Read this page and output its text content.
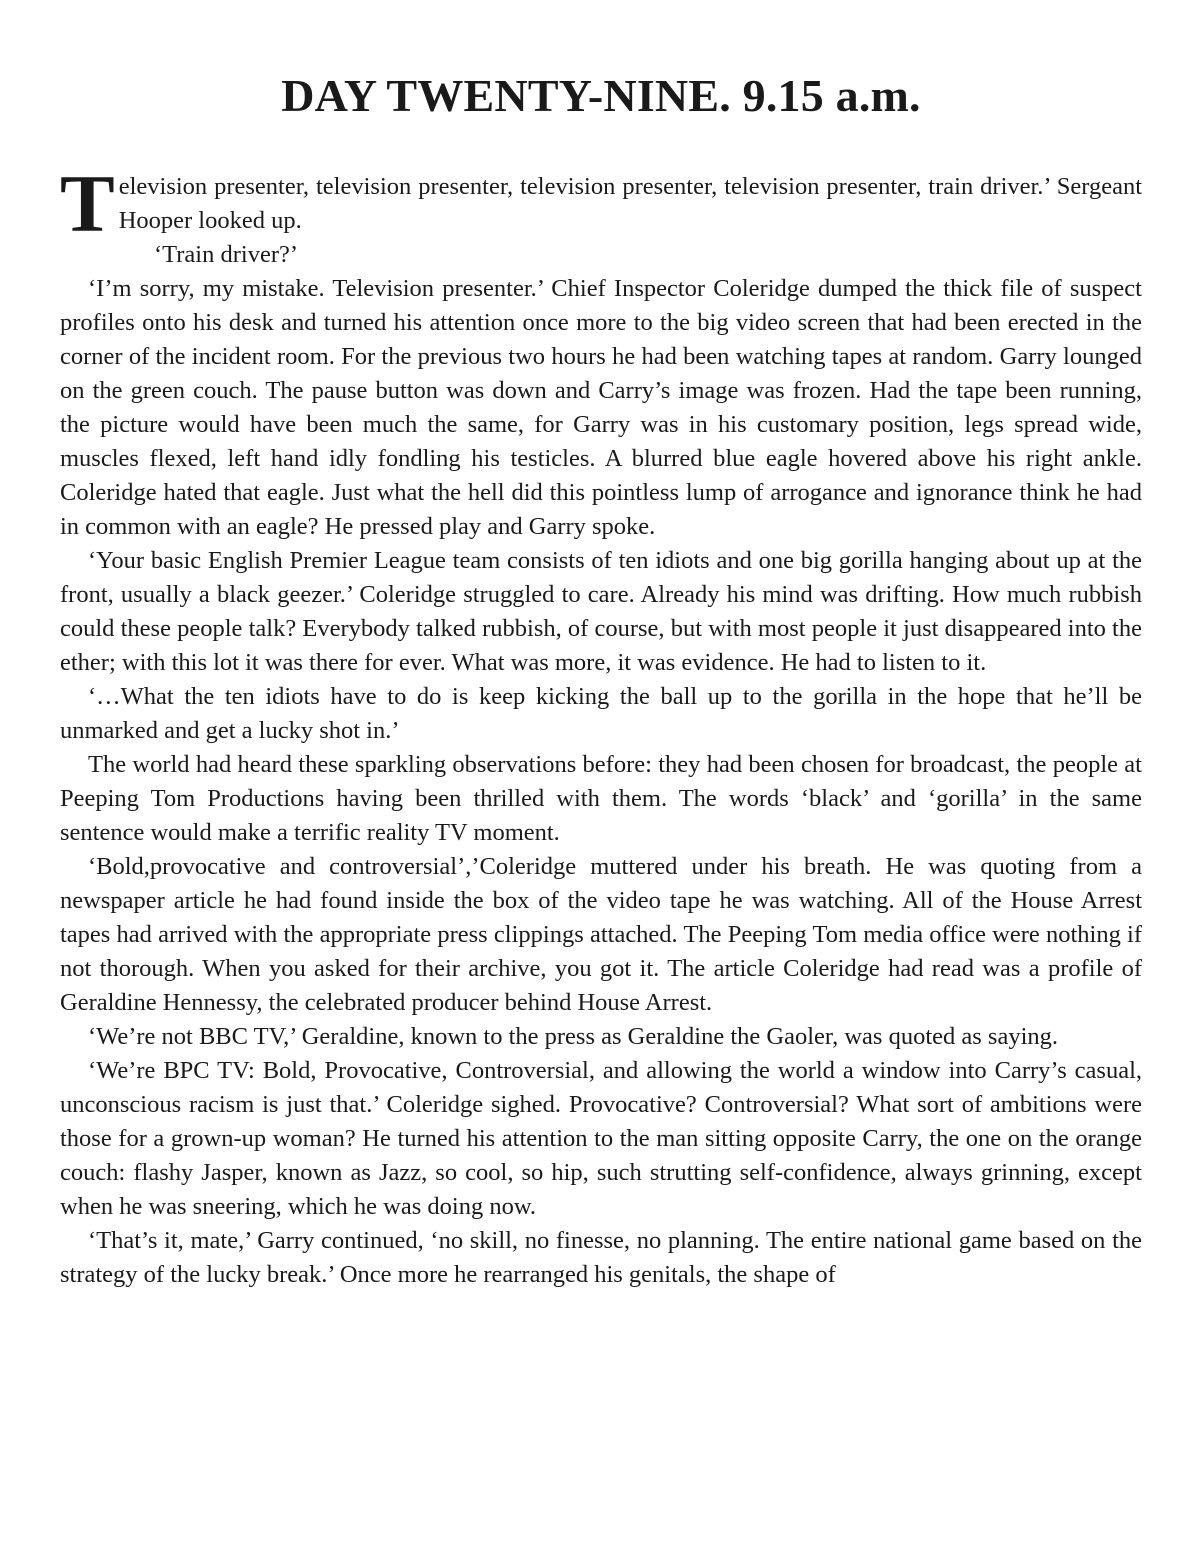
DAY TWENTY-NINE. 9.15 a.m.

Television presenter, television presenter, television presenter, television presenter, train driver.’ Sergeant Hooper looked up.

‘Train driver?’

‘I’m sorry, my mistake. Television presenter.’ Chief Inspector Coleridge dumped the thick file of suspect profiles onto his desk and turned his attention once more to the big video screen that had been erected in the corner of the incident room. For the previous two hours he had been watching tapes at random. Garry lounged on the green couch. The pause button was down and Carry’s image was frozen. Had the tape been running, the picture would have been much the same, for Garry was in his customary position, legs spread wide, muscles flexed, left hand idly fondling his testicles. A blurred blue eagle hovered above his right ankle. Coleridge hated that eagle. Just what the hell did this pointless lump of arrogance and ignorance think he had in common with an eagle? He pressed play and Garry spoke.

‘Your basic English Premier League team consists of ten idiots and one big gorilla hanging about up at the front, usually a black geezer.’ Coleridge struggled to care. Already his mind was drifting. How much rubbish could these people talk? Everybody talked rubbish, of course, but with most people it just disappeared into the ether; with this lot it was there for ever. What was more, it was evidence. He had to listen to it.

‘…What the ten idiots have to do is keep kicking the ball up to the gorilla in the hope that he’ll be unmarked and get a lucky shot in.’

The world had heard these sparkling observations before: they had been chosen for broadcast, the people at Peeping Tom Productions having been thrilled with them. The words ‘black’ and ‘gorilla’ in the same sentence would make a terrific reality TV moment.

‘Bold,provocative and controversial’,’Coleridge muttered under his breath. He was quoting from a newspaper article he had found inside the box of the video tape he was watching. All of the House Arrest tapes had arrived with the appropriate press clippings attached. The Peeping Tom media office were nothing if not thorough. When you asked for their archive, you got it. The article Coleridge had read was a profile of Geraldine Hennessy, the celebrated producer behind House Arrest.

‘We’re not BBC TV,’ Geraldine, known to the press as Geraldine the Gaoler, was quoted as saying.

‘We’re BPC TV: Bold, Provocative, Controversial, and allowing the world a window into Carry’s casual, unconscious racism is just that.’ Coleridge sighed. Provocative? Controversial? What sort of ambitions were those for a grown-up woman? He turned his attention to the man sitting opposite Carry, the one on the orange couch: flashy Jasper, known as Jazz, so cool, so hip, such strutting self-confidence, always grinning, except when he was sneering, which he was doing now.

‘That’s it, mate,’ Garry continued, ‘no skill, no finesse, no planning. The entire national game based on the strategy of the lucky break.’ Once more he rearranged his genitals, the shape of
